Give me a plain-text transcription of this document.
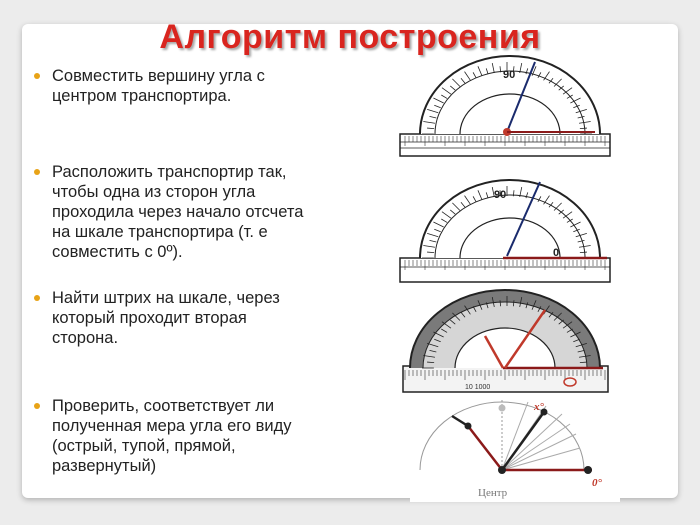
Алгоритм построения
Совместить вершину угла с
центром транспортира.
Расположить транспортир так,
чтобы одна из сторон угла
проходила через начало отсчета
на шкале транспортира (т. е
совместить с 0º).
Найти штрих на шкале, через
который проходит вторая
сторона.
Проверить, соответствует ли
полученная мера угла его виду
(острый, тупой, прямой,
развернутый)
90
90
0
10 1000
x°
0°
Центр
